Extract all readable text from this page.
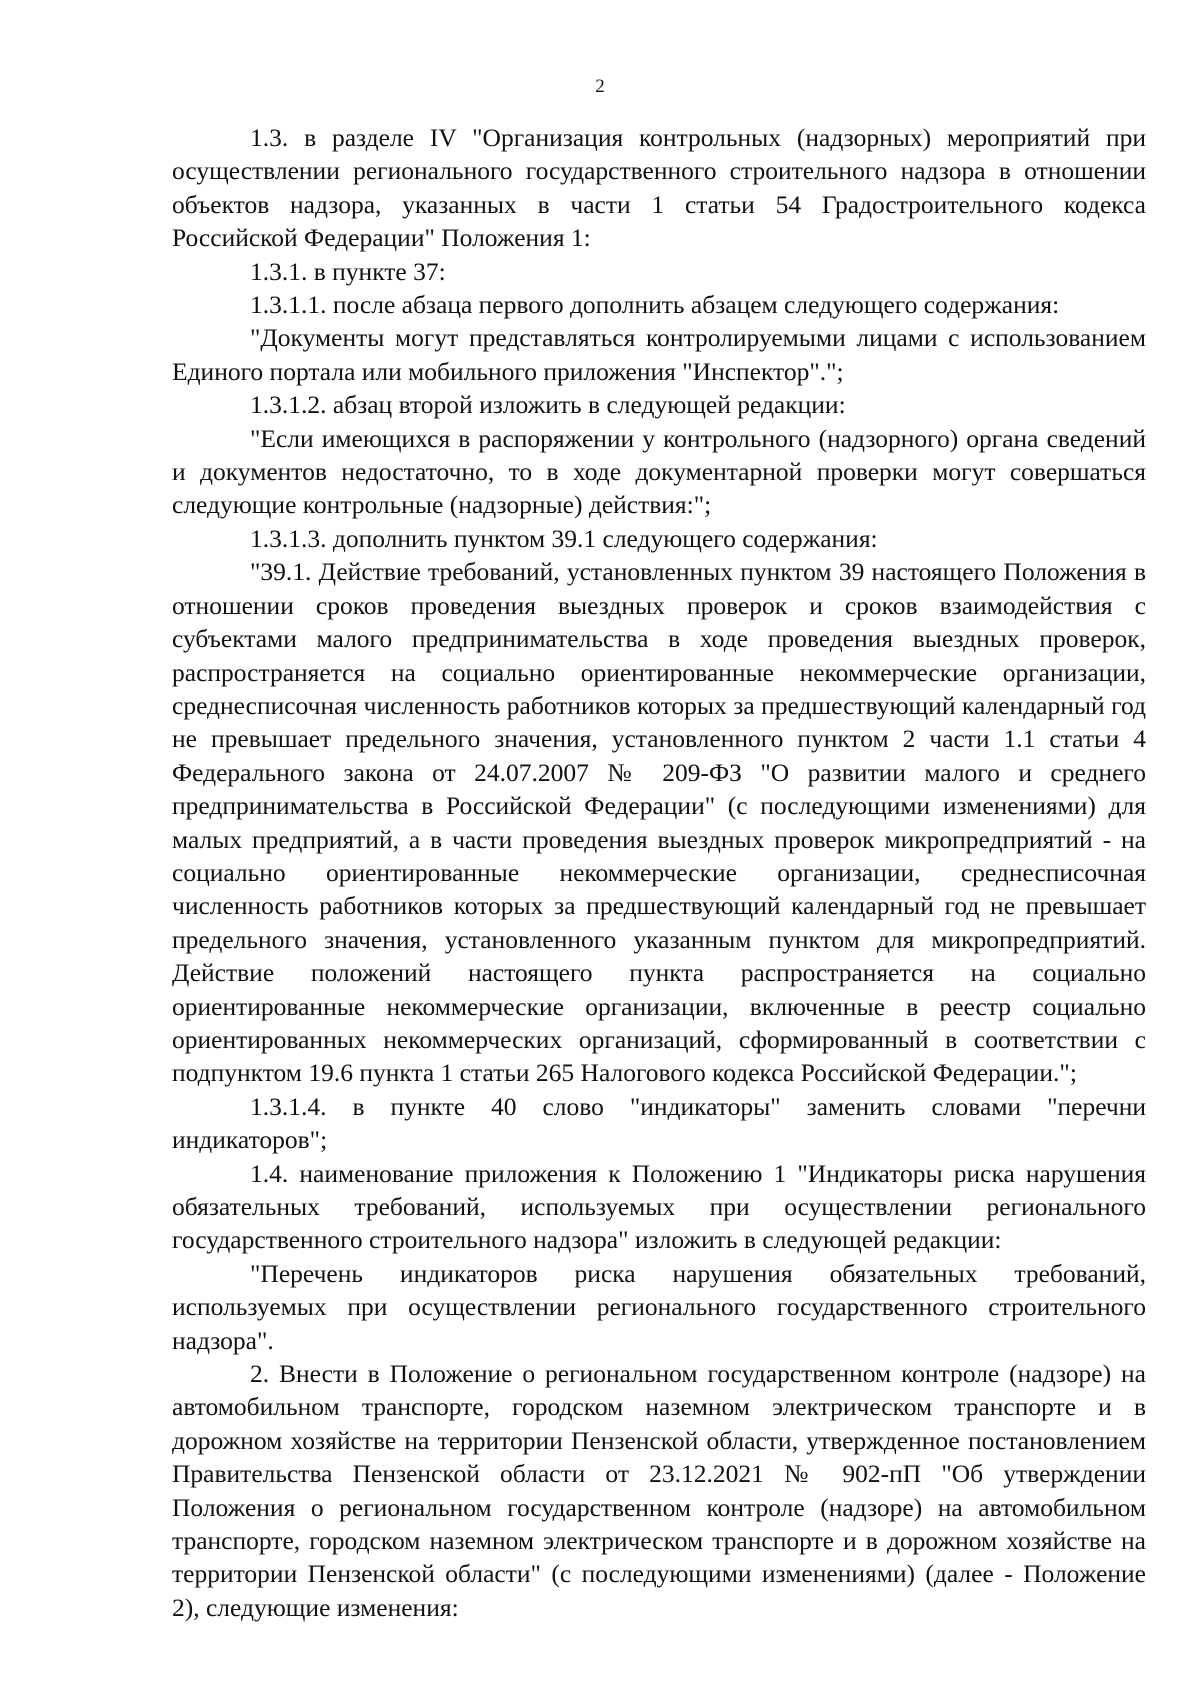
2

1.3. в разделе IV "Организация контрольных (надзорных) мероприятий при осуществлении регионального государственного строительного надзора в отношении объектов надзора, указанных в части 1 статьи 54 Градостроительного кодекса Российской Федерации" Положения 1:

1.3.1. в пункте 37:

1.3.1.1. после абзаца первого дополнить абзацем следующего содержания:

"Документы могут представляться контролируемыми лицами с использованием Единого портала или мобильного приложения "Инспектор".";

1.3.1.2. абзац второй изложить в следующей редакции:

"Если имеющихся в распоряжении у контрольного (надзорного) органа сведений и документов недостаточно, то в ходе документарной проверки могут совершаться следующие контрольные (надзорные) действия:";

1.3.1.3. дополнить пунктом 39.1 следующего содержания:

"39.1. Действие требований, установленных пунктом 39 настоящего Положения в отношении сроков проведения выездных проверок и сроков взаимодействия с субъектами малого предпринимательства в ходе проведения выездных проверок, распространяется на социально ориентированные некоммерческие организации, среднесписочная численность работников которых за предшествующий календарный год не превышает предельного значения, установленного пунктом 2 части 1.1 статьи 4 Федерального закона от 24.07.2007 № 209-ФЗ "О развитии малого и среднего предпринимательства в Российской Федерации" (с последующими изменениями) для малых предприятий, а в части проведения выездных проверок микропредприятий - на социально ориентированные некоммерческие организации, среднесписочная численность работников которых за предшествующий календарный год не превышает предельного значения, установленного указанным пунктом для микропредприятий. Действие положений настоящего пункта распространяется на социально ориентированные некоммерческие организации, включенные в реестр социально ориентированных некоммерческих организаций, сформированный в соответствии с подпунктом 19.6 пункта 1 статьи 265 Налогового кодекса Российской Федерации.";

1.3.1.4. в пункте 40 слово "индикаторы" заменить словами "перечни индикаторов";

1.4. наименование приложения к Положению 1 "Индикаторы риска нарушения обязательных требований, используемых при осуществлении регионального государственного строительного надзора" изложить в следующей редакции:

"Перечень индикаторов риска нарушения обязательных требований, используемых при осуществлении регионального государственного строительного надзора".

2. Внести в Положение о региональном государственном контроле (надзоре) на автомобильном транспорте, городском наземном электрическом транспорте и в дорожном хозяйстве на территории Пензенской области, утвержденное постановлением Правительства Пензенской области от 23.12.2021 № 902-пП "Об утверждении Положения о региональном государственном контроле (надзоре) на автомобильном транспорте, городском наземном электрическом транспорте и в дорожном хозяйстве на территории Пензенской области" (с последующими изменениями) (далее - Положение 2), следующие изменения:
